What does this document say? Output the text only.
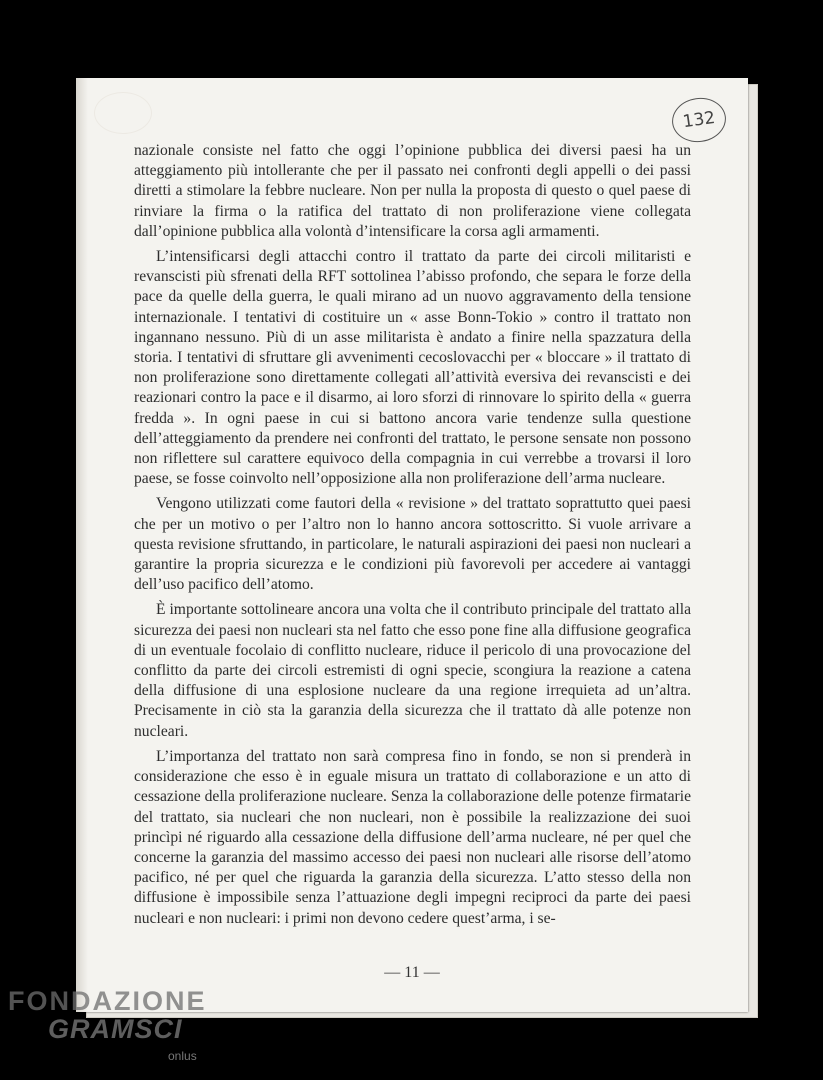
132

nazionale consiste nel fatto che oggi l’opinione pubblica dei diversi paesi ha un atteggiamento più intollerante che per il passato nei confronti degli appelli o dei passi diretti a stimolare la febbre nucleare. Non per nulla la proposta di questo o quel paese di rinviare la firma o la ratifica del trattato di non proliferazione viene collegata dall’opinione pubblica alla volontà d’intensificare la corsa agli armamenti.

L’intensificarsi degli attacchi contro il trattato da parte dei circoli militaristi e revanscisti più sfrenati della RFT sottolinea l’abisso profondo, che separa le forze della pace da quelle della guerra, le quali mirano ad un nuovo aggravamento della tensione internazionale. I tentativi di costituire un « asse Bonn-Tokio » contro il trattato non ingannano nessuno. Più di un asse militarista è andato a finire nella spazzatura della storia. I tentativi di sfruttare gli avvenimenti cecoslovacchi per « bloccare » il trattato di non proliferazione sono direttamente collegati all’attività eversiva dei revanscisti e dei reazionari contro la pace e il disarmo, ai loro sforzi di rinnovare lo spirito della « guerra fredda ». In ogni paese in cui si battono ancora varie tendenze sulla questione dell’atteggiamento da prendere nei confronti del trattato, le persone sensate non possono non riflettere sul carattere equivoco della compagnia in cui verrebbe a trovarsi il loro paese, se fosse coinvolto nell’opposizione alla non proliferazione dell’arma nucleare.

Vengono utilizzati come fautori della « revisione » del trattato soprattutto quei paesi che per un motivo o per l’altro non lo hanno ancora sottoscritto. Si vuole arrivare a questa revisione sfruttando, in particolare, le naturali aspirazioni dei paesi non nucleari a garantire la propria sicurezza e le condizioni più favorevoli per accedere ai vantaggi dell’uso pacifico dell’atomo.

È importante sottolineare ancora una volta che il contributo principale del trattato alla sicurezza dei paesi non nucleari sta nel fatto che esso pone fine alla diffusione geografica di un eventuale focolaio di conflitto nucleare, riduce il pericolo di una provocazione del conflitto da parte dei circoli estremisti di ogni specie, scongiura la reazione a catena della diffusione di una esplosione nucleare da una regione irrequieta ad un’altra. Precisamente in ciò sta la garanzia della sicurezza che il trattato dà alle potenze non nucleari.

L’importanza del trattato non sarà compresa fino in fondo, se non si prenderà in considerazione che esso è in eguale misura un trattato di collaborazione e un atto di cessazione della proliferazione nucleare. Senza la collaborazione delle potenze firmatarie del trattato, sia nucleari che non nucleari, non è possibile la realizzazione dei suoi princìpi né riguardo alla cessazione della diffusione dell’arma nucleare, né per quel che concerne la garanzia del massimo accesso dei paesi non nucleari alle risorse dell’atomo pacifico, né per quel che riguarda la garanzia della sicurezza. L’atto stesso della non diffusione è impossibile senza l’attuazione degli impegni reciproci da parte dei paesi nucleari e non nucleari: i primi non devono cedere quest’arma, i se-

— 11 —
FONDAZIONE
GRAMSCI
onlus
